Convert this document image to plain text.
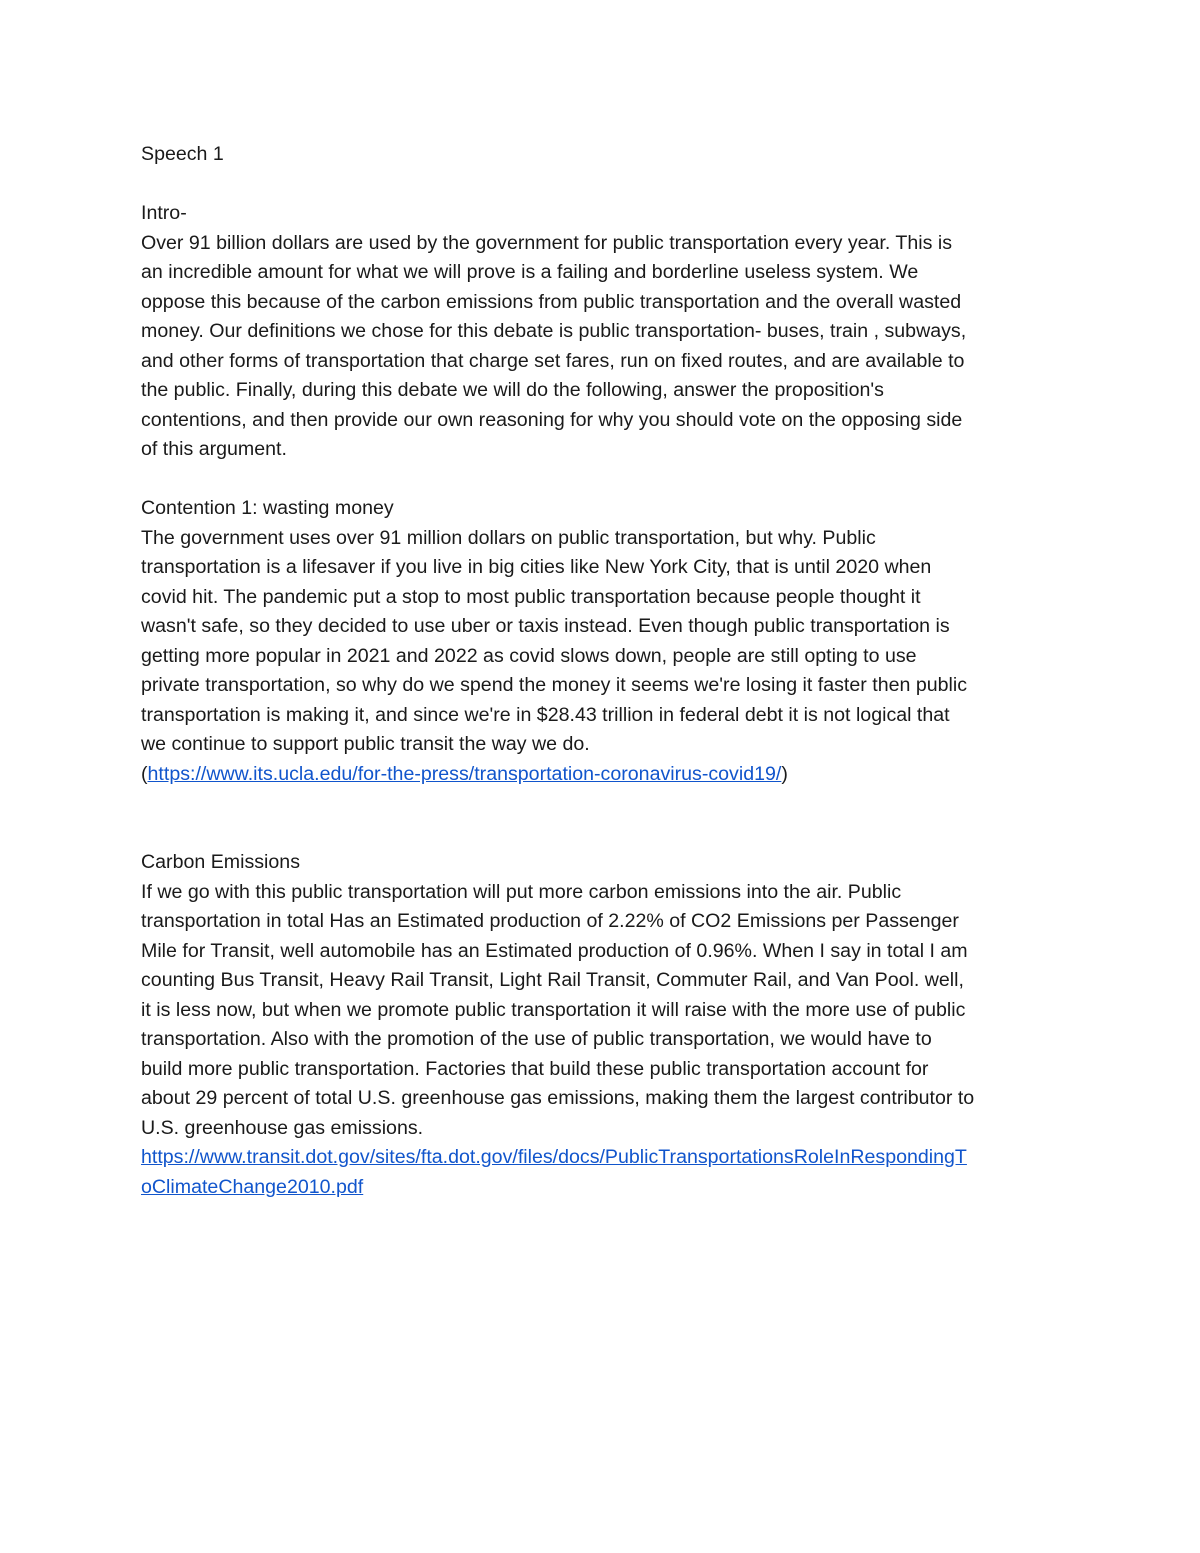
Speech 1
Intro-
Over 91 billion dollars are used by the government for public transportation every year. This is
an incredible amount for what we will prove is a failing and borderline useless system. We
oppose this because of the carbon emissions from public transportation and the overall wasted
money. Our definitions we chose for this debate is public transportation- buses, train , subways,
and other forms of transportation that charge set fares, run on fixed routes, and are available to
the public. Finally, during this debate we will do the following, answer the proposition's
contentions, and then provide our own reasoning for why you should vote on the opposing side
of this argument.
Contention 1: wasting money
The government uses over 91 million dollars on public transportation, but why. Public
transportation is a lifesaver if you live in big cities like New York City, that is until 2020 when
covid hit. The pandemic put a stop to most public transportation because people thought it
wasn't safe, so they decided to use uber or taxis instead. Even though public transportation is
getting more popular in 2021 and 2022 as covid slows down, people are still opting to use
private transportation, so why do we spend the money it seems we're losing it faster then public
transportation is making it, and since we're in $28.43 trillion in federal debt it is not logical that
we continue to support public transit the way we do.
(https://www.its.ucla.edu/for-the-press/transportation-coronavirus-covid19/)
Carbon Emissions
If we go with this public transportation will put more carbon emissions into the air. Public
transportation in total Has an Estimated production of 2.22% of CO2 Emissions per Passenger
Mile for Transit, well automobile has an Estimated production of 0.96%. When I say in total I am
counting Bus Transit, Heavy Rail Transit, Light Rail Transit, Commuter Rail, and Van Pool. well,
it is less now, but when we promote public transportation it will raise with the more use of public
transportation. Also with the promotion of the use of public transportation, we would have to
build more public transportation. Factories that build these public transportation account for
about 29 percent of total U.S. greenhouse gas emissions, making them the largest contributor to
U.S. greenhouse gas emissions.
https://www.transit.dot.gov/sites/fta.dot.gov/files/docs/PublicTransportationsRoleInRespondingT
oClimateChange2010.pdf
